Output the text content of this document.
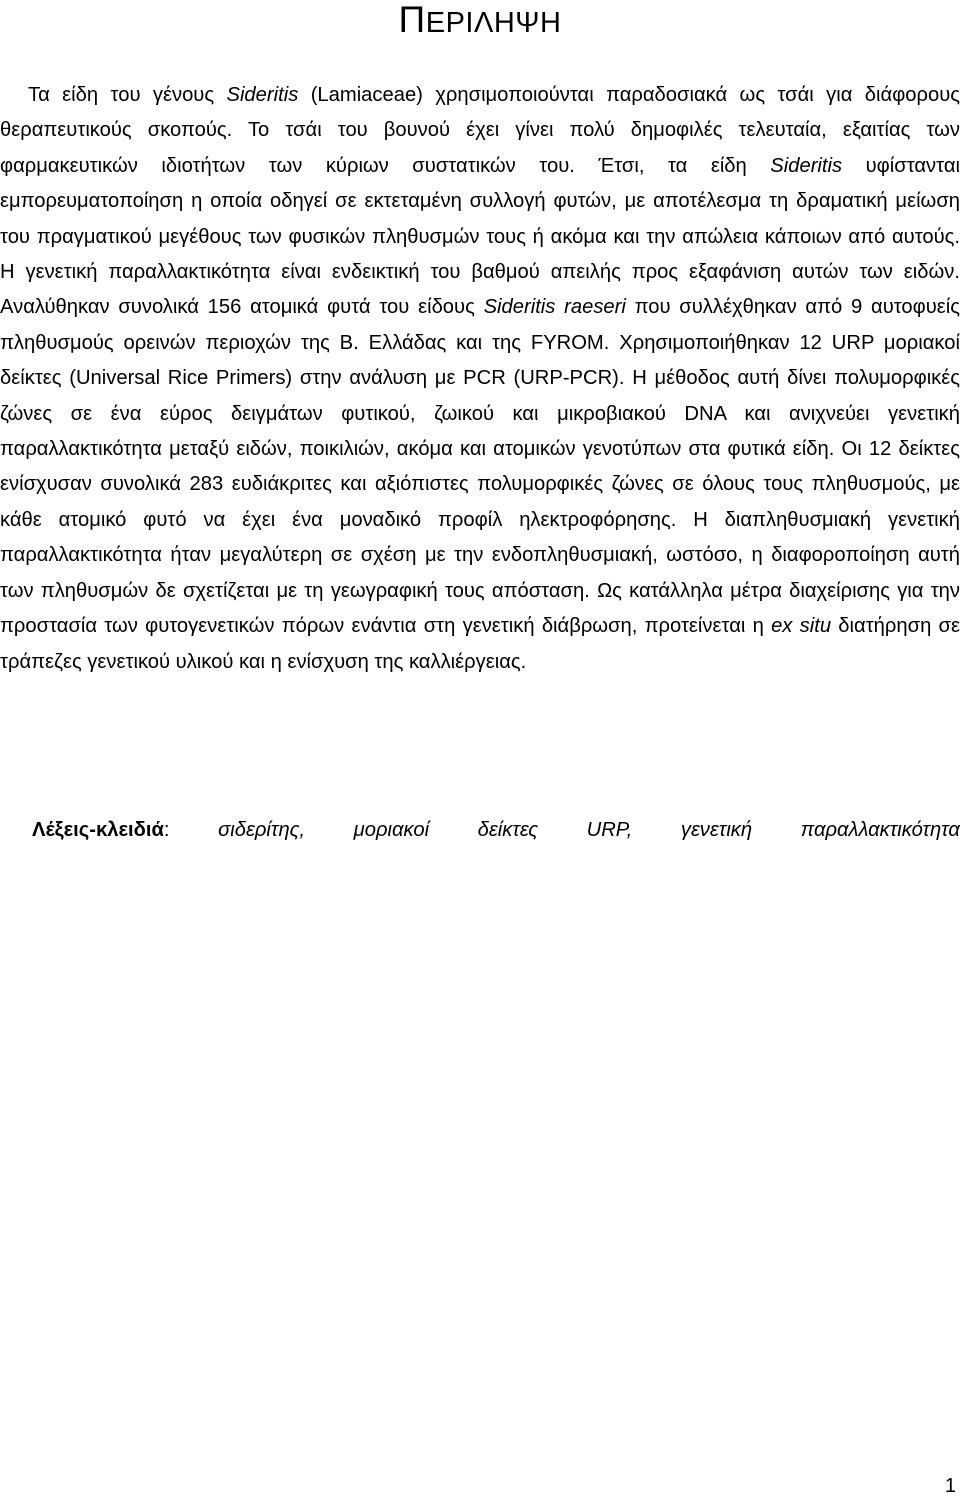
ΠΕΡΙΛΗΨΗ

Τα είδη του γένους Sideritis (Lamiaceae) χρησιμοποιούνται παραδοσιακά ως τσάι για διάφορους θεραπευτικούς σκοπούς. Το τσάι του βουνού έχει γίνει πολύ δημοφιλές τελευταία, εξαιτίας των φαρμακευτικών ιδιοτήτων των κύριων συστατικών του. Έτσι, τα είδη Sideritis υφίστανται εμπορευματοποίηση η οποία οδηγεί σε εκτεταμένη συλλογή φυτών, με αποτέλεσμα τη δραματική μείωση του πραγματικού μεγέθους των φυσικών πληθυσμών τους ή ακόμα και την απώλεια κάποιων από αυτούς. Η γενετική παραλλακτικότητα είναι ενδεικτική του βαθμού απειλής προς εξαφάνιση αυτών των ειδών. Αναλύθηκαν συνολικά 156 ατομικά φυτά του είδους Sideritis raeseri που συλλέχθηκαν από 9 αυτοφυείς πληθυσμούς ορεινών περιοχών της Β. Ελλάδας και της FYROM. Χρησιμοποιήθηκαν 12 URP μοριακοί δείκτες (Universal Rice Primers) στην ανάλυση με PCR (URP-PCR). Η μέθοδος αυτή δίνει πολυμορφικές ζώνες σε ένα εύρος δειγμάτων φυτικού, ζωικού και μικροβιακού DNA και ανιχνεύει γενετική παραλλακτικότητα μεταξύ ειδών, ποικιλιών, ακόμα και ατομικών γενοτύπων στα φυτικά είδη. Οι 12 δείκτες ενίσχυσαν συνολικά 283 ευδιάκριτες και αξιόπιστες πολυμορφικές ζώνες σε όλους τους πληθυσμούς, με κάθε ατομικό φυτό να έχει ένα μοναδικό προφίλ ηλεκτροφόρησης. Η διαπληθυσμιακή γενετική παραλλακτικότητα ήταν μεγαλύτερη σε σχέση με την ενδοπληθυσμιακή, ωστόσο, η διαφοροποίηση αυτή των πληθυσμών δε σχετίζεται με τη γεωγραφική τους απόσταση. Ως κατάλληλα μέτρα διαχείρισης για την προστασία των φυτογενετικών πόρων ενάντια στη γενετική διάβρωση, προτείνεται η ex situ διατήρηση σε τράπεζες γενετικού υλικού και η ενίσχυση της καλλιέργειας.

Λέξεις-κλειδιά: σιδερίτης, μοριακοί δείκτες URP, γενετική παραλλακτικότητα
1
